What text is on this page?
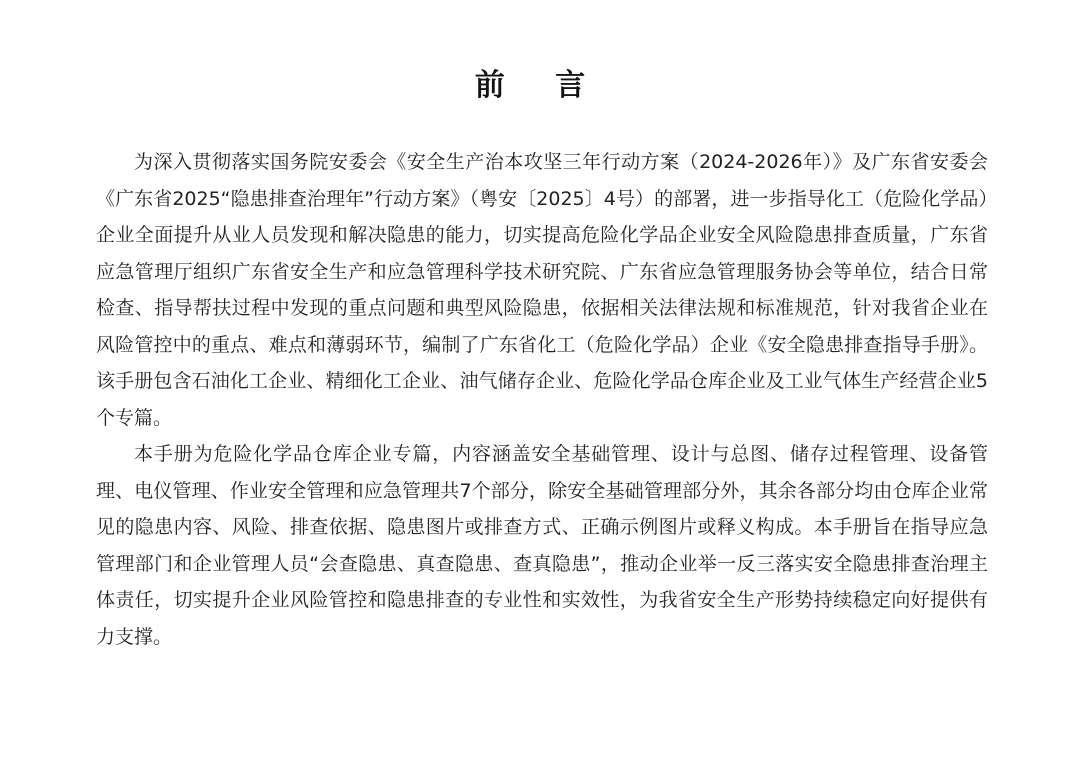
前 言

为深入贯彻落实国务院安委会《安全生产治本攻坚三年行动方案（2024-2026年）》及广东省安委会《广东省2025“隐患排查治理年”行动方案》（粤安〔2025〕4号）的部署，进一步指导化工（危险化学品）企业全面提升从业人员发现和解决隐患的能力，切实提高危险化学品企业安全风险隐患排查质量，广东省应急管理厅组织广东省安全生产和应急管理科学技术研究院、广东省应急管理服务协会等单位，结合日常检查、指导帮扶过程中发现的重点问题和典型风险隐患，依据相关法律法规和标准规范，针对我省企业在风险管控中的重点、难点和薄弱环节，编制了广东省化工（危险化学品）企业《安全隐患排查指导手册》。该手册包含石油化工企业、精细化工企业、油气储存企业、危险化学品仓库企业及工业气体生产经营企业5个专篇。

本手册为危险化学品仓库企业专篇，内容涵盖安全基础管理、设计与总图、储存过程管理、设备管理、电仪管理、作业安全管理和应急管理共7个部分，除安全基础管理部分外，其余各部分均由仓库企业常见的隐患内容、风险、排查依据、隐患图片或排查方式、正确示例图片或释义构成。本手册旨在指导应急管理部门和企业管理人员“会查隐患、真查隐患、查真隐患”，推动企业举一反三落实安全隐患排查治理主体责任，切实提升企业风险管控和隐患排查的专业性和实效性，为我省安全生产形势持续稳定向好提供有力支撑。
